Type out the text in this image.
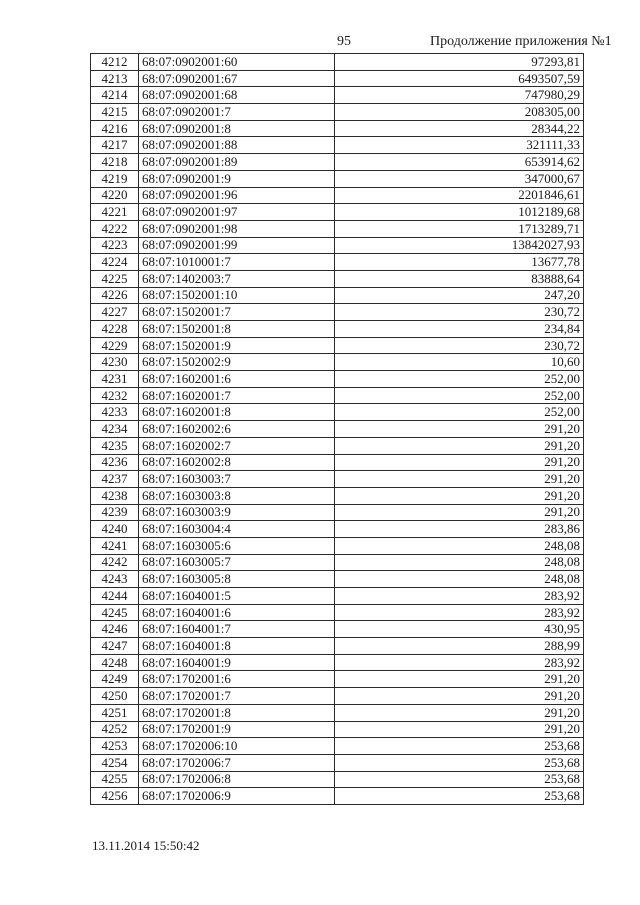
95	Продолжение приложения №1
4212	68:07:0902001:60	97293,81
4213	68:07:0902001:67	6493507,59
4214	68:07:0902001:68	747980,29
4215	68:07:0902001:7	208305,00
4216	68:07:0902001:8	28344,22
4217	68:07:0902001:88	321111,33
4218	68:07:0902001:89	653914,62
4219	68:07:0902001:9	347000,67
4220	68:07:0902001:96	2201846,61
4221	68:07:0902001:97	1012189,68
4222	68:07:0902001:98	1713289,71
4223	68:07:0902001:99	13842027,93
4224	68:07:1010001:7	13677,78
4225	68:07:1402003:7	83888,64
4226	68:07:1502001:10	247,20
4227	68:07:1502001:7	230,72
4228	68:07:1502001:8	234,84
4229	68:07:1502001:9	230,72
4230	68:07:1502002:9	10,60
4231	68:07:1602001:6	252,00
4232	68:07:1602001:7	252,00
4233	68:07:1602001:8	252,00
4234	68:07:1602002:6	291,20
4235	68:07:1602002:7	291,20
4236	68:07:1602002:8	291,20
4237	68:07:1603003:7	291,20
4238	68:07:1603003:8	291,20
4239	68:07:1603003:9	291,20
4240	68:07:1603004:4	283,86
4241	68:07:1603005:6	248,08
4242	68:07:1603005:7	248,08
4243	68:07:1603005:8	248,08
4244	68:07:1604001:5	283,92
4245	68:07:1604001:6	283,92
4246	68:07:1604001:7	430,95
4247	68:07:1604001:8	288,99
4248	68:07:1604001:9	283,92
4249	68:07:1702001:6	291,20
4250	68:07:1702001:7	291,20
4251	68:07:1702001:8	291,20
4252	68:07:1702001:9	291,20
4253	68:07:1702006:10	253,68
4254	68:07:1702006:7	253,68
4255	68:07:1702006:8	253,68
4256	68:07:1702006:9	253,68
13.11.2014 15:50:42
